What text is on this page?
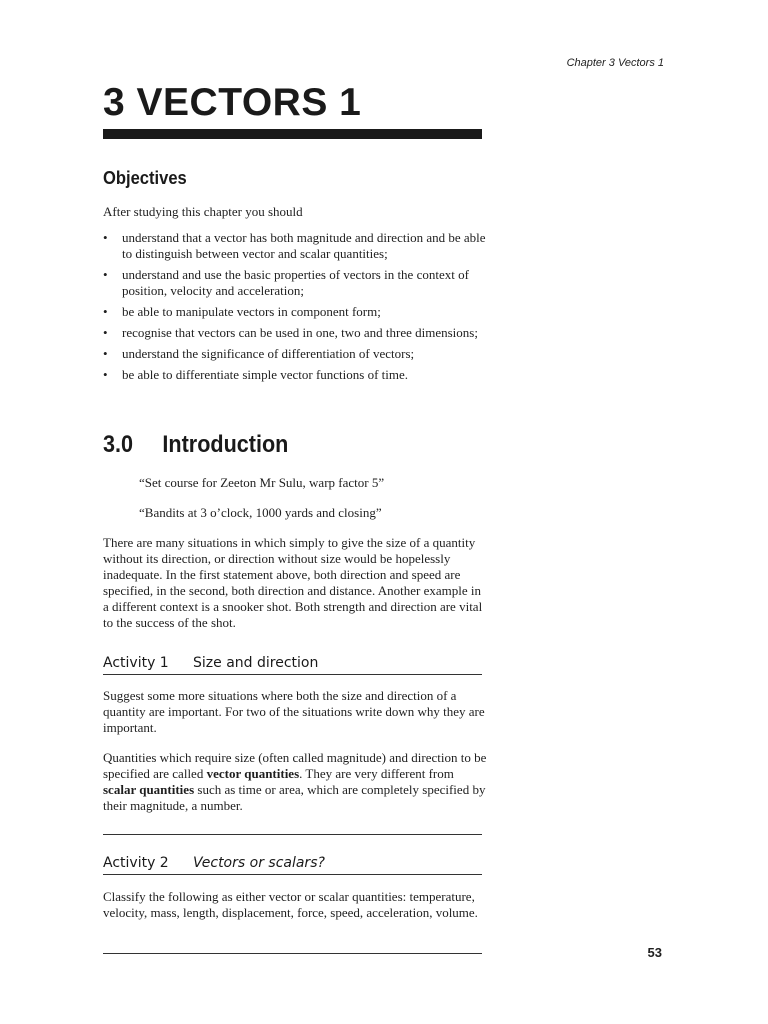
Chapter 3 Vectors 1
3 VECTORS 1
Objectives

After studying this chapter you should

• understand that a vector has both magnitude and direction and be able to distinguish between vector and scalar quantities;
• understand and use the basic properties of vectors in the context of position, velocity and acceleration;
• be able to manipulate vectors in component form;
• recognise that vectors can be used in one, two and three dimensions;
• understand the significance of differentiation of vectors;
• be able to differentiate simple vector functions of time.
3.0 Introduction

“Set course for Zeeton Mr Sulu, warp factor 5”

“Bandits at 3 o’clock, 1000 yards and closing”

There are many situations in which simply to give the size of a quantity without its direction, or direction without size would be hopelessly inadequate. In the first statement above, both direction and speed are specified, in the second, both direction and distance. Another example in a different context is a snooker shot. Both strength and direction are vital to the success of the shot.

Activity 1 Size and direction

Suggest some more situations where both the size and direction of a quantity are important. For two of the situations write down why they are important.

Quantities which require size (often called magnitude) and direction to be specified are called vector quantities. They are very different from scalar quantities such as time or area, which are completely specified by their magnitude, a number.

Activity 2 Vectors or scalars?

Classify the following as either vector or scalar quantities: temperature, velocity, mass, length, displacement, force, speed, acceleration, volume.

53
